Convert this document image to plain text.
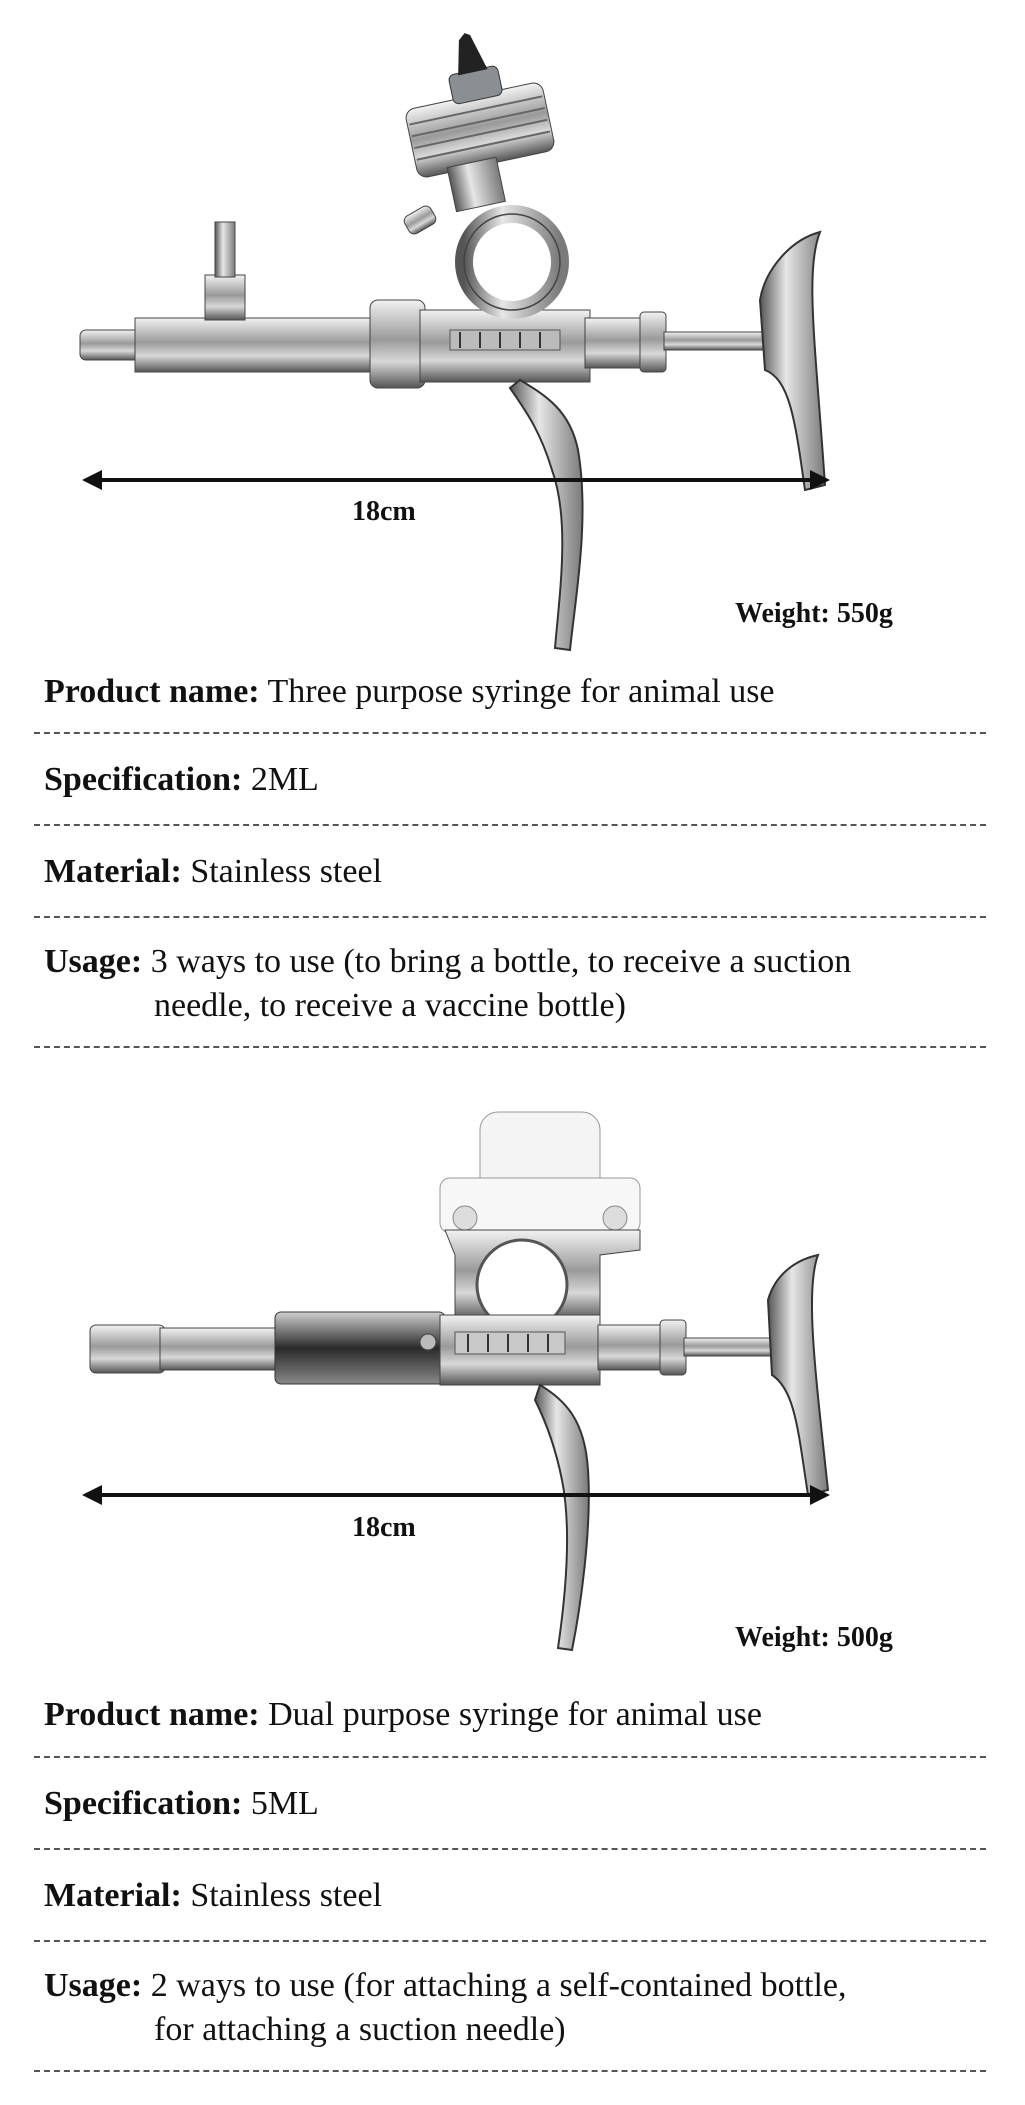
18cm
Weight: 550g
Product name: Three purpose syringe for animal use
Specification: 2ML
Material: Stainless steel
Usage: 3 ways to use (to bring a bottle, to receive a suction
needle, to receive a vaccine bottle)
18cm
Weight: 500g
Product name: Dual purpose syringe for animal use
Specification: 5ML
Material: Stainless steel
Usage: 2 ways to use (for attaching a self-contained bottle,
for attaching a suction needle)
